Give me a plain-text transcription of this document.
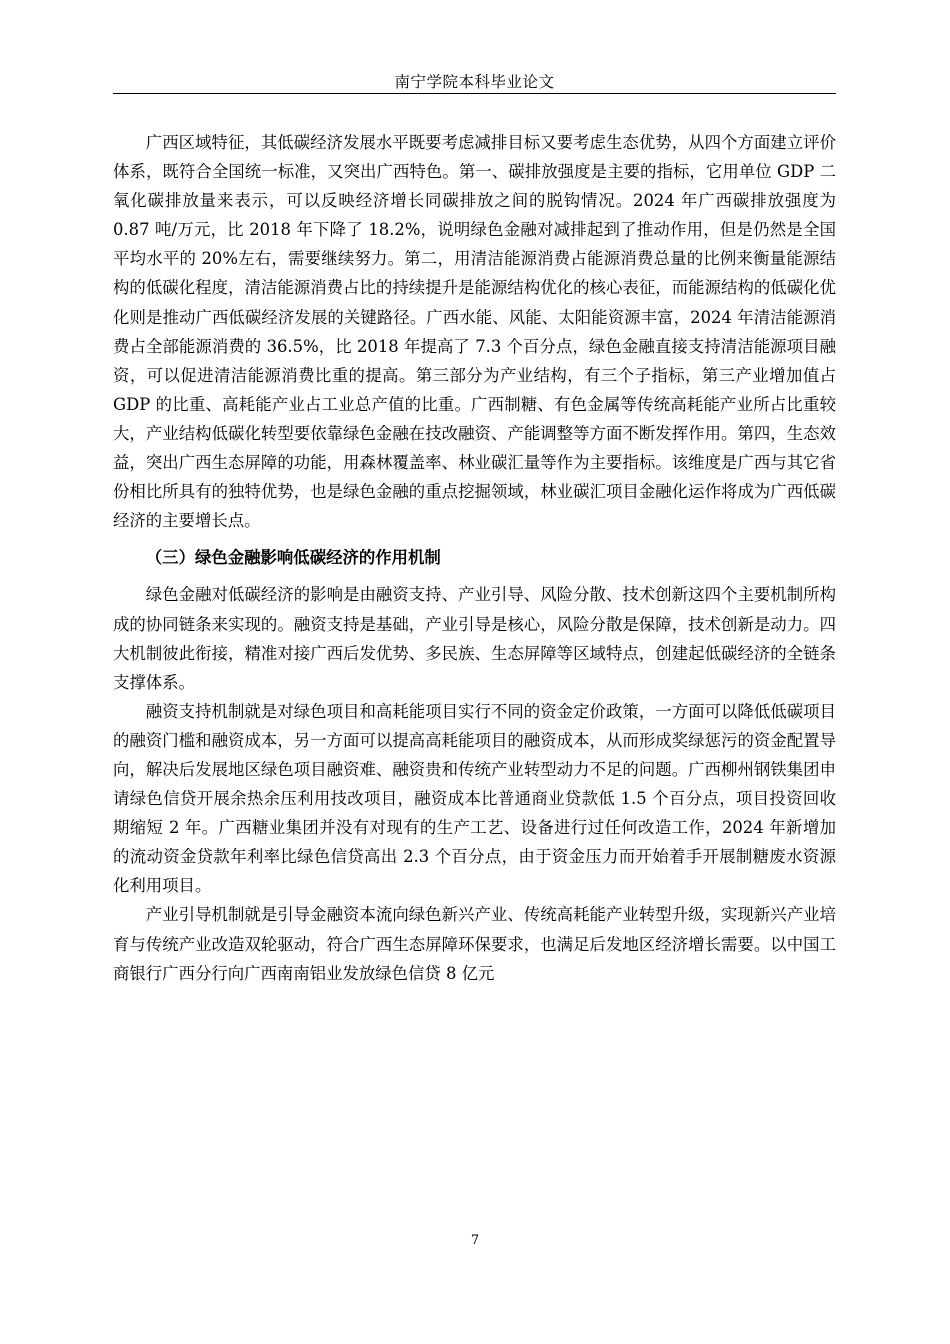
南宁学院本科毕业论文

广西区域特征，其低碳经济发展水平既要考虑减排目标又要考虑生态优势，从四个方面建立评价体系，既符合全国统一标准，又突出广西特色。第一、碳排放强度是主要的指标，它用单位 GDP 二氧化碳排放量来表示，可以反映经济增长同碳排放之间的脱钩情况。2024 年广西碳排放强度为 0.87 吨/万元，比 2018 年下降了 18.2%，说明绿色金融对减排起到了推动作用，但是仍然是全国平均水平的 20%左右，需要继续努力。第二，用清洁能源消费占能源消费总量的比例来衡量能源结构的低碳化程度，清洁能源消费占比的持续提升是能源结构优化的核心表征，而能源结构的低碳化优化则是推动广西低碳经济发展的关键路径。广西水能、风能、太阳能资源丰富，2024 年清洁能源消费占全部能源消费的 36.5%，比 2018 年提高了 7.3 个百分点，绿色金融直接支持清洁能源项目融资，可以促进清洁能源消费比重的提高。第三部分为产业结构，有三个子指标，第三产业增加值占 GDP 的比重、高耗能产业占工业总产值的比重。广西制糖、有色金属等传统高耗能产业所占比重较大，产业结构低碳化转型要依靠绿色金融在技改融资、产能调整等方面不断发挥作用。第四，生态效益，突出广西生态屏障的功能，用森林覆盖率、林业碳汇量等作为主要指标。该维度是广西与其它省份相比所具有的独特优势，也是绿色金融的重点挖掘领域，林业碳汇项目金融化运作将成为广西低碳经济的主要增长点。

（三）绿色金融影响低碳经济的作用机制

绿色金融对低碳经济的影响是由融资支持、产业引导、风险分散、技术创新这四个主要机制所构成的协同链条来实现的。融资支持是基础，产业引导是核心，风险分散是保障，技术创新是动力。四大机制彼此衔接，精准对接广西后发优势、多民族、生态屏障等区域特点，创建起低碳经济的全链条支撑体系。

融资支持机制就是对绿色项目和高耗能项目实行不同的资金定价政策，一方面可以降低低碳项目的融资门槛和融资成本，另一方面可以提高高耗能项目的融资成本，从而形成奖绿惩污的资金配置导向，解决后发展地区绿色项目融资难、融资贵和传统产业转型动力不足的问题。广西柳州钢铁集团申请绿色信贷开展余热余压利用技改项目，融资成本比普通商业贷款低 1.5 个百分点，项目投资回收期缩短 2 年。广西糖业集团并没有对现有的生产工艺、设备进行过任何改造工作，2024 年新增加的流动资金贷款年利率比绿色信贷高出 2.3 个百分点，由于资金压力而开始着手开展制糖废水资源化利用项目。

产业引导机制就是引导金融资本流向绿色新兴产业、传统高耗能产业转型升级，实现新兴产业培育与传统产业改造双轮驱动，符合广西生态屏障环保要求，也满足后发地区经济增长需要。以中国工商银行广西分行向广西南南铝业发放绿色信贷 8 亿元

7
